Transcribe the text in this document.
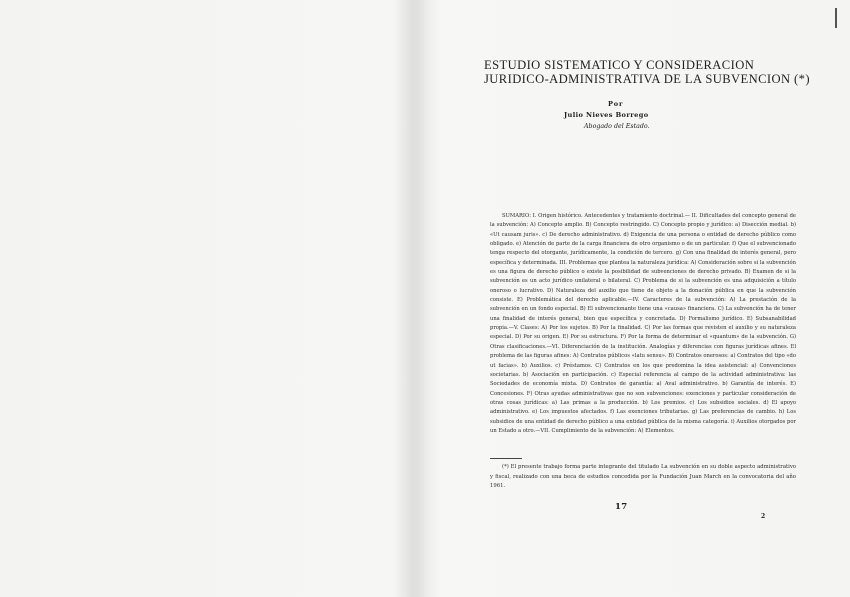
ESTUDIO SISTEMATICO Y CONSIDERACION
JURIDICO-ADMINISTRATIVA DE LA SUBVENCION (*)
Por
Julio Nieves Borrego
Abogado del Estado.

SUMARIO: I. Origen histórico. Antecedentes y tratamiento doctrinal.— II. Dificultades del concepto general de la subvención: A) Concepto amplio. B) Concepto restringido. C) Concepto propio y jurídico: a) Disección medial. b) «Ut causam juris». c) De derecho administrativo. d) Exigencia de una persona o entidad de derecho público como obligado. e) Atención de parte de la carga financiera de otro organismo o de un particular. f) Que el subvencionado tenga respecto del otorgante, jurídicamente, la condición de tercero. g) Con una finalidad de interés general, pero específica y determinada. III. Problemas que plantea la naturaleza jurídica: A) Consideración sobre si la subvención es una figura de derecho público o existe la posibilidad de subvenciones de derecho privado. B) Examen de si la subvención es un acto jurídico unilateral o bilateral. C) Problema de si la subvención es una adquisición a título oneroso o lucrativo. D) Naturaleza del auxilio que tiene de objeto a la donación pública en que la subvención consiste. E) Problemática del derecho aplicable.—IV. Caracteres de la subvención: A) La prestación de la subvención en un fondo especial. B) El subvencionante tiene una «causa» financiera. C) La subvención ha de tener una finalidad de interés general, bien que específica y concretada. D) Formalismo jurídico. E) Subsanabilidad propia.—V. Clases: A) Por los sujetos. B) Por la finalidad. C) Por las formas que revisten el auxilio y su naturaleza especial. D) Por su origen. E) Por su estructura. F) Por la forma de determinar el «quantum» de la subvención. G) Otras clasificaciones.—VI. Diferenciación de la institución. Analogías y diferencias con figuras jurídicas afines. El problema de las figuras afines: A) Contratos públicos «latu sensu». B) Contratos onerosos: a) Contratos del tipo «do ut facias». b) Auxilios. c) Préstamos. C) Contratos en los que predomina la idea asistencial: a) Convenciones societarias. b) Asociación en participación. c) Especial referencia al campo de la actividad administrativa: las Sociedades de economía mixta. D) Contratos de garantía: a) Aval administrativo. b) Garantía de interés. E) Concesiones. F) Otras ayudas administrativas que no son subvenciones: exenciones y particular consideración de otras cosas jurídicas: a) Las primas a la producción. b) Los premios. c) Los subsidios sociales. d) El apoyo administrativo. e) Los impuestos afectados. f) Las exenciones tributarias. g) Las preferencias de cambio. h) Los subsidios de una entidad de derecho público a una entidad pública de la misma categoría. i) Auxilios otorgados por un Estado a otro.—VII. Cumplimiento de la subvención: A) Elementos.

(*) El presente trabajo forma parte integrante del titulado La subvención en su doble aspecto administrativo y fiscal, realizado con una beca de estudios concedida por la Fundación Juan March en la convocatoria del año 1961.

17
2
